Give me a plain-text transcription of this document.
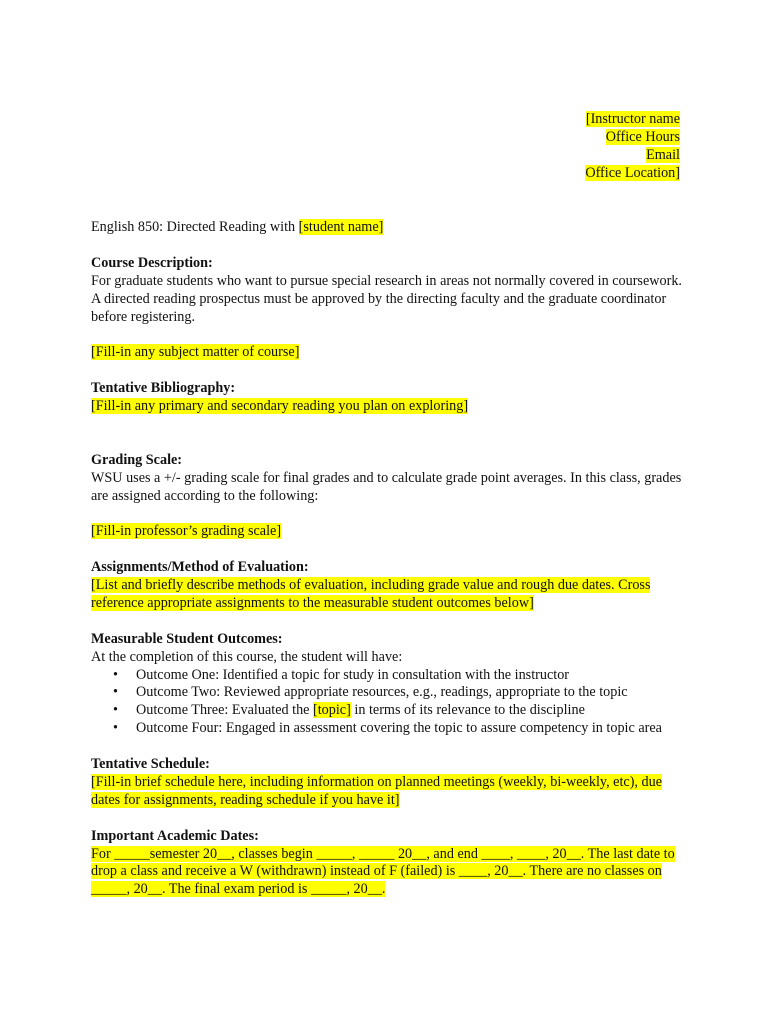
[Instructor name
Office Hours
Email
Office Location]

English 850: Directed Reading with [student name]

Course Description:

For graduate students who want to pursue special research in areas not normally covered in coursework. A directed reading prospectus must be approved by the directing faculty and the graduate coordinator before registering.

[Fill-in any subject matter of course]

Tentative Bibliography:

[Fill-in any primary and secondary reading you plan on exploring]

Grading Scale:

WSU uses a +/- grading scale for final grades and to calculate grade point averages. In this class, grades are assigned according to the following:

[Fill-in professor’s grading scale]

Assignments/Method of Evaluation:

[List and briefly describe methods of evaluation, including grade value and rough due dates. Cross reference appropriate assignments to the measurable student outcomes below]

Measurable Student Outcomes:

At the completion of this course, the student will have:

• Outcome One: Identified a topic for study in consultation with the instructor
• Outcome Two: Reviewed appropriate resources, e.g., readings, appropriate to the topic
• Outcome Three: Evaluated the [topic] in terms of its relevance to the discipline
• Outcome Four: Engaged in assessment covering the topic to assure competency in topic area

Tentative Schedule:

[Fill-in brief schedule here, including information on planned meetings (weekly, bi-weekly, etc), due dates for assignments, reading schedule if you have it]

Important Academic Dates:

For _____semester 20__, classes begin _____, _____ 20__, and end ____, ____, 20__. The last date to drop a class and receive a W (withdrawn) instead of F (failed) is ____, 20__. There are no classes on _____, 20__. The final exam period is _____, 20__.
